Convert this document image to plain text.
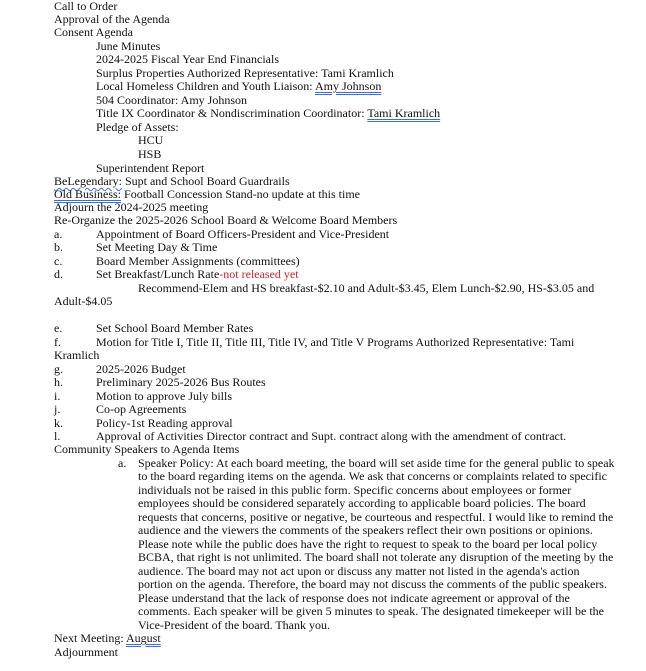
Call to Order
Approval of the Agenda
Consent Agenda
June Minutes
2024-2025 Fiscal Year End Financials
Surplus Properties Authorized Representative: Tami Kramlich
Local Homeless Children and Youth Liaison: Amy Johnson
504 Coordinator: Amy Johnson
Title IX Coordinator & Nondiscrimination Coordinator: Tami Kramlich
Pledge of Assets:
HCU
HSB
Superintendent Report
BeLegendary: Supt and School Board Guardrails
Old Business: Football Concession Stand-no update at this time
Adjourn the 2024-2025 meeting
Re-Organize the 2025-2026 School Board & Welcome Board Members
a.	Appointment of Board Officers-President and Vice-President
b.	Set Meeting Day & Time
c.	Board Member Assignments (committees)
d.	Set Breakfast/Lunch Rate-not released yet
Recommend-Elem and HS breakfast-$2.10 and Adult-$3.45, Elem Lunch-$2.90, HS-$3.05 and
Adult-$4.05
e.	Set School Board Member Rates
f.	Motion for Title I, Title II, Title III, Title IV, and Title V Programs Authorized Representative: Tami
Kramlich
g.	2025-2026 Budget
h.	Preliminary 2025-2026 Bus Routes
i.	Motion to approve July bills
j.	Co-op Agreements
k.	Policy-1st Reading approval
l.	Approval of Activities Director contract and Supt. contract along with the amendment of contract.
Community Speakers to Agenda Items
a. Speaker Policy: At each board meeting, the board will set aside time for the general public to speak
to the board regarding items on the agenda. We ask that concerns or complaints related to specific
individuals not be raised in this public form. Specific concerns about employees or former
employees should be considered separately according to applicable board policies. The board
requests that concerns, positive or negative, be courteous and respectful. I would like to remind the
audience and the viewers the comments of the speakers reflect their own positions or opinions.
Please note while the public does have the right to request to speak to the board per local policy
BCBA, that right is not unlimited. The board shall not tolerate any disruption of the meeting by the
audience. The board may not act upon or discuss any matter not listed in the agenda's action
portion on the agenda. Therefore, the board may not discuss the comments of the public speakers.
Please understand that the lack of response does not indicate agreement or approval of the
comments. Each speaker will be given 5 minutes to speak. The designated timekeeper will be the
Vice-President of the board. Thank you.
Next Meeting: August
Adjournment
